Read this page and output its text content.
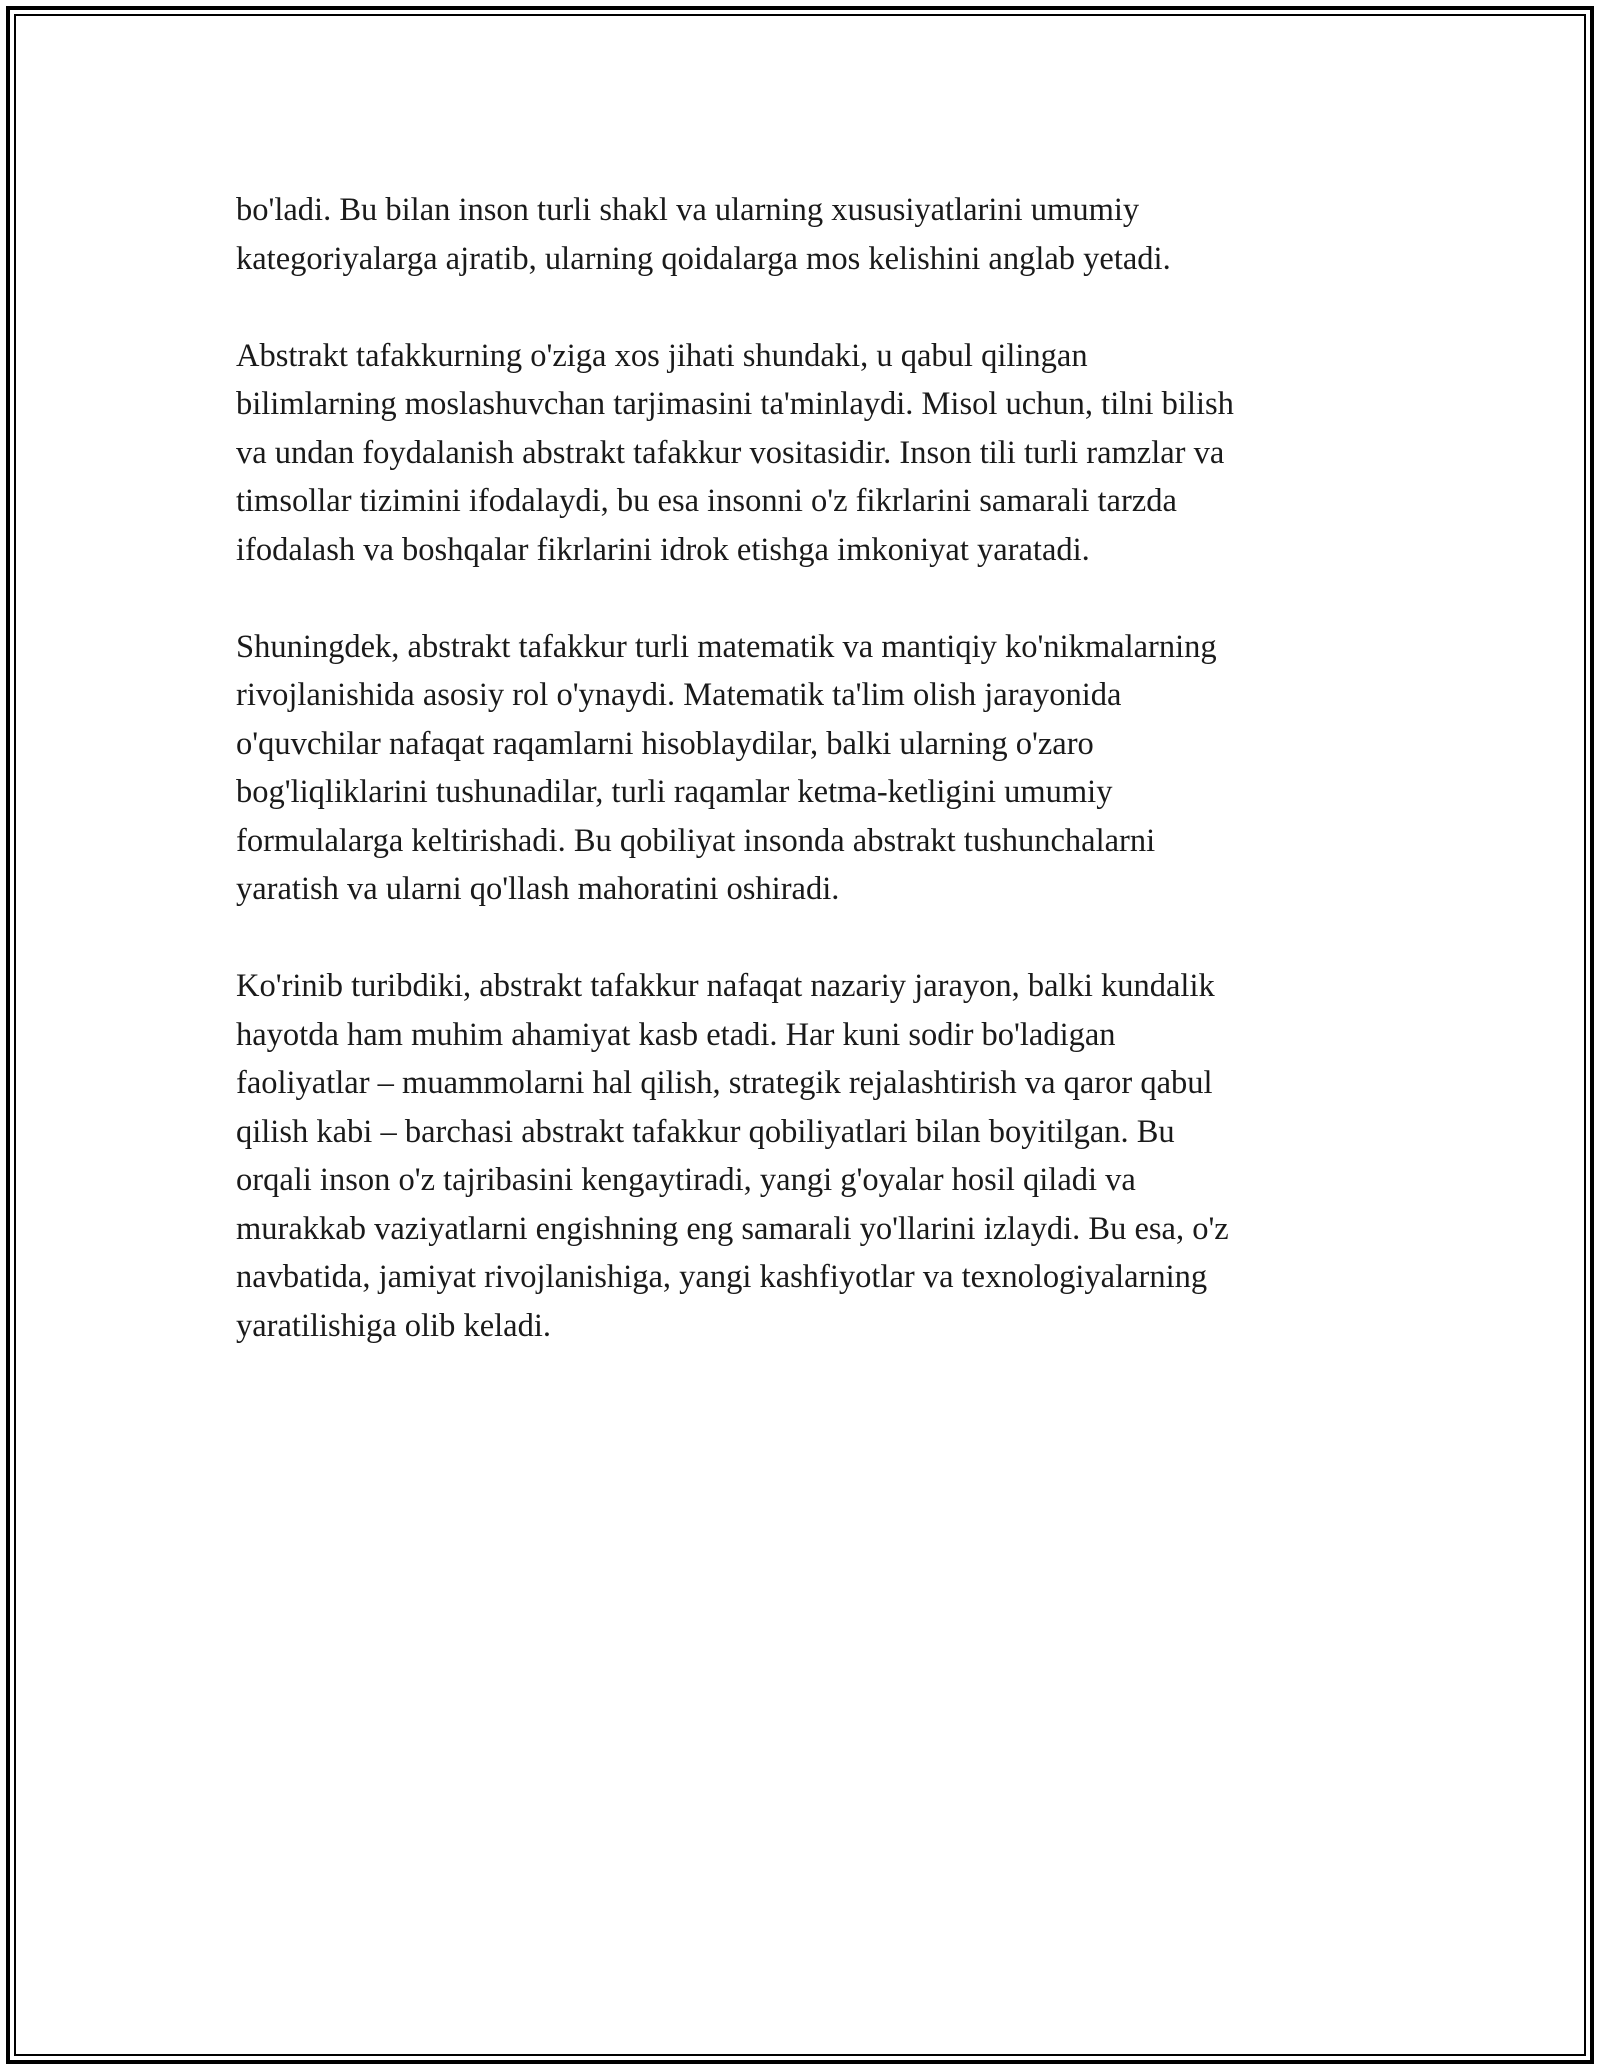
bo'ladi. Bu bilan inson turli shakl va ularning xususiyatlarini umumiy
kategoriyalarga ajratib, ularning qoidalarga mos kelishini anglab yetadi.

Abstrakt tafakkurning o'ziga xos jihati shundaki, u qabul qilingan
bilimlarning moslashuvchan tarjimasini ta'minlaydi. Misol uchun, tilni bilish
va undan foydalanish abstrakt tafakkur vositasidir. Inson tili turli ramzlar va
timsollar tizimini ifodalaydi, bu esa insonni o'z fikrlarini samarali tarzda
ifodalash va boshqalar fikrlarini idrok etishga imkoniyat yaratadi.

Shuningdek, abstrakt tafakkur turli matematik va mantiqiy ko'nikmalarning
rivojlanishida asosiy rol o'ynaydi. Matematik ta'lim olish jarayonida
o'quvchilar nafaqat raqamlarni hisoblaydilar, balki ularning o'zaro
bog'liqliklarini tushunadilar, turli raqamlar ketma-ketligini umumiy
formulalarga keltirishadi. Bu qobiliyat insonda abstrakt tushunchalarni
yaratish va ularni qo'llash mahoratini oshiradi.

Ko'rinib turibdiki, abstrakt tafakkur nafaqat nazariy jarayon, balki kundalik
hayotda ham muhim ahamiyat kasb etadi. Har kuni sodir bo'ladigan
faoliyatlar – muammolarni hal qilish, strategik rejalashtirish va qaror qabul
qilish kabi – barchasi abstrakt tafakkur qobiliyatlari bilan boyitilgan. Bu
orqali inson o'z tajribasini kengaytiradi, yangi g'oyalar hosil qiladi va
murakkab vaziyatlarni engishning eng samarali yo'llarini izlaydi. Bu esa, o'z
navbatida, jamiyat rivojlanishiga, yangi kashfiyotlar va texnologiyalarning
yaratilishiga olib keladi.
